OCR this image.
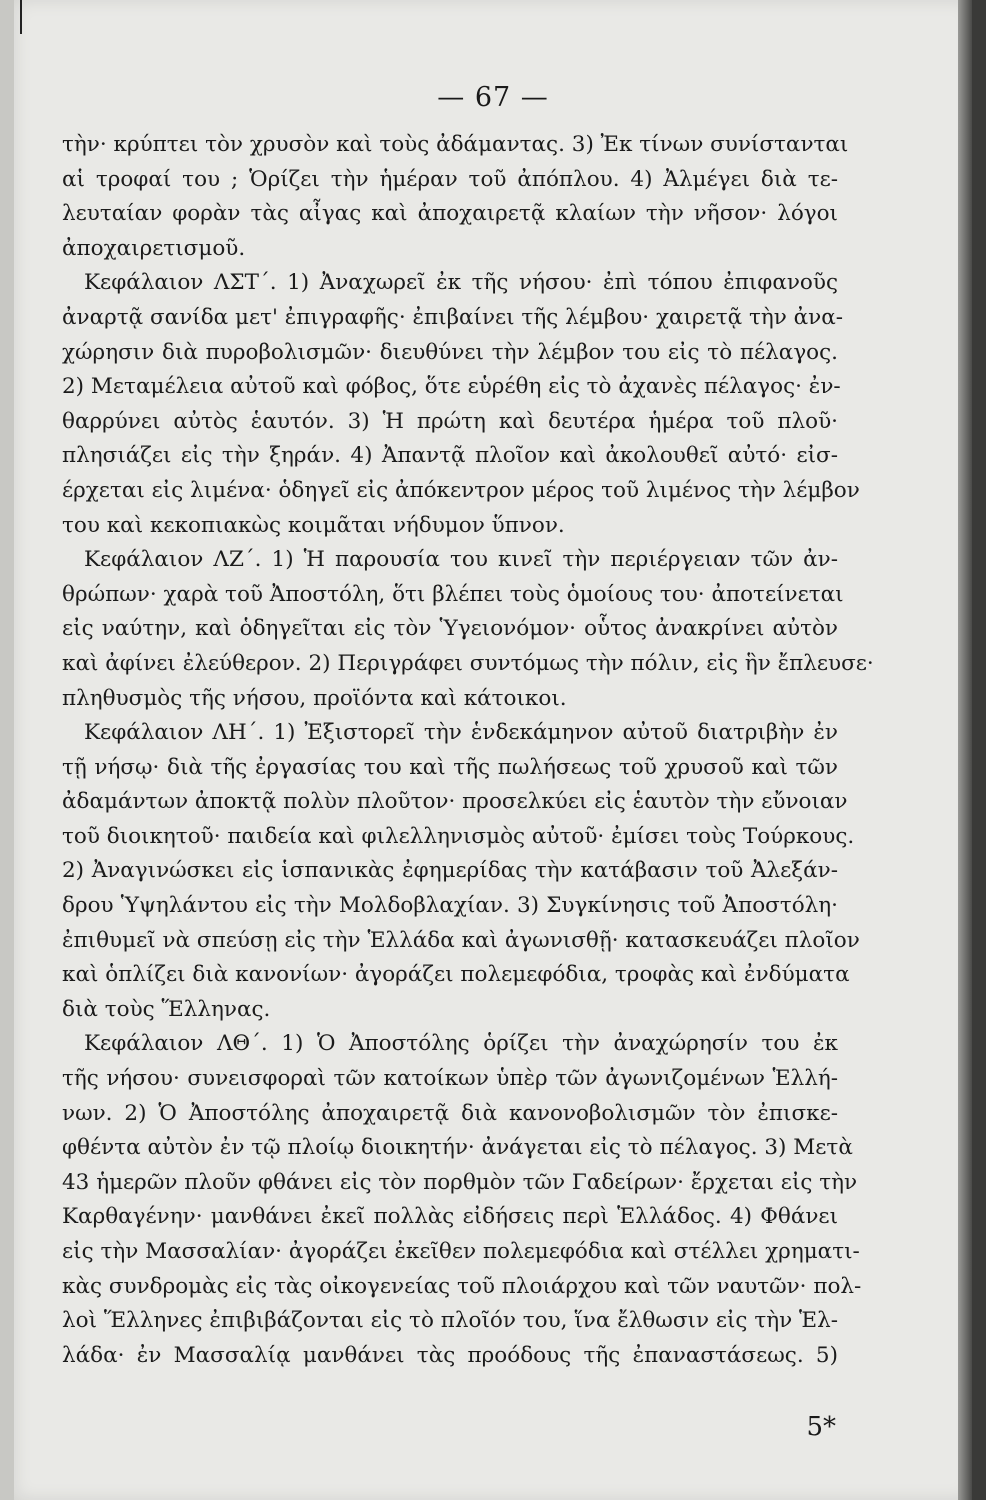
— 67 —
τὴν· κρύπτει τὸν χρυσὸν καὶ τοὺς ἀδάμαντας. 3) Ἐκ τίνων συνίστανται
αἱ τροφαί του ; Ὁρίζει τὴν ἡμέραν τοῦ ἀπόπλου. 4) Ἀλμέγει διὰ τε-
λευταίαν φορὰν τὰς αἶγας καὶ ἀποχαιρετᾷ κλαίων τὴν νῆσον· λόγοι
ἀποχαιρετισμοῦ.
Κεφάλαιον ΛΣΤ΄. 1) Ἀναχωρεῖ ἐκ τῆς νήσου· ἐπὶ τόπου ἐπιφανοῦς
ἀναρτᾷ σανίδα μετ' ἐπιγραφῆς· ἐπιβαίνει τῆς λέμβου· χαιρετᾷ τὴν ἀνα-
χώρησιν διὰ πυροβολισμῶν· διευθύνει τὴν λέμβον του εἰς τὸ πέλαγος.
2) Μεταμέλεια αὐτοῦ καὶ φόβος, ὅτε εὑρέθη εἰς τὸ ἀχανὲς πέλαγος· ἐν-
θαρρύνει αὐτὸς ἑαυτόν. 3) Ἡ πρώτη καὶ δευτέρα ἡμέρα τοῦ πλοῦ·
πλησιάζει εἰς τὴν ξηράν. 4) Ἀπαντᾷ πλοῖον καὶ ἀκολουθεῖ αὐτό· εἰσ-
έρχεται εἰς λιμένα· ὁδηγεῖ εἰς ἀπόκεντρον μέρος τοῦ λιμένος τὴν λέμβον
του καὶ κεκοπιακὼς κοιμᾶται νήδυμον ὕπνον.
Κεφάλαιον ΛΖ΄. 1) Ἡ παρουσία του κινεῖ τὴν περιέργειαν τῶν ἀν-
θρώπων· χαρὰ τοῦ Ἀποστόλη, ὅτι βλέπει τοὺς ὁμοίους του· ἀποτείνεται
εἰς ναύτην, καὶ ὁδηγεῖται εἰς τὸν Ὑγειονόμον· οὗτος ἀνακρίνει αὐτὸν
καὶ ἀφίνει ἐλεύθερον. 2) Περιγράφει συντόμως τὴν πόλιν, εἰς ἣν ἔπλευσε·
πληθυσμὸς τῆς νήσου, προϊόντα καὶ κάτοικοι.
Κεφάλαιον ΛΗ΄. 1) Ἐξιστορεῖ τὴν ἑνδεκάμηνον αὐτοῦ διατριβὴν ἐν
τῇ νήσῳ· διὰ τῆς ἐργασίας του καὶ τῆς πωλήσεως τοῦ χρυσοῦ καὶ τῶν
ἀδαμάντων ἀποκτᾷ πολὺν πλοῦτον· προσελκύει εἰς ἑαυτὸν τὴν εὔνοιαν
τοῦ διοικητοῦ· παιδεία καὶ φιλελληνισμὸς αὐτοῦ· ἐμίσει τοὺς Τούρκους.
2) Ἀναγινώσκει εἰς ἱσπανικὰς ἐφημερίδας τὴν κατάβασιν τοῦ Ἀλεξάν-
δρου Ὑψηλάντου εἰς τὴν Μολδοβλαχίαν. 3) Συγκίνησις τοῦ Ἀποστόλη·
ἐπιθυμεῖ νὰ σπεύσῃ εἰς τὴν Ἑλλάδα καὶ ἀγωνισθῇ· κατασκευάζει πλοῖον
καὶ ὁπλίζει διὰ κανονίων· ἀγοράζει πολεμεφόδια, τροφὰς καὶ ἐνδύματα
διὰ τοὺς Ἕλληνας.
Κεφάλαιον ΛΘ΄. 1) Ὁ Ἀποστόλης ὁρίζει τὴν ἀναχώρησίν του ἐκ
τῆς νήσου· συνεισφοραὶ τῶν κατοίκων ὑπὲρ τῶν ἀγωνιζομένων Ἑλλή-
νων. 2) Ὁ Ἀποστόλης ἀποχαιρετᾷ διὰ κανονοβολισμῶν τὸν ἐπισκε-
φθέντα αὐτὸν ἐν τῷ πλοίῳ διοικητήν· ἀνάγεται εἰς τὸ πέλαγος. 3) Μετὰ
43 ἡμερῶν πλοῦν φθάνει εἰς τὸν πορθμὸν τῶν Γαδείρων· ἔρχεται εἰς τὴν
Καρθαγένην· μανθάνει ἐκεῖ πολλὰς εἰδήσεις περὶ Ἑλλάδος. 4) Φθάνει
εἰς τὴν Μασσαλίαν· ἀγοράζει ἐκεῖθεν πολεμεφόδια καὶ στέλλει χρηματι-
κὰς συνδρομὰς εἰς τὰς οἰκογενείας τοῦ πλοιάρχου καὶ τῶν ναυτῶν· πολ-
λοὶ Ἕλληνες ἐπιβιβάζονται εἰς τὸ πλοῖόν του, ἵνα ἔλθωσιν εἰς τὴν Ἑλ-
λάδα· ἐν Μασσαλίᾳ μανθάνει τὰς προόδους τῆς ἐπαναστάσεως. 5)
5*
